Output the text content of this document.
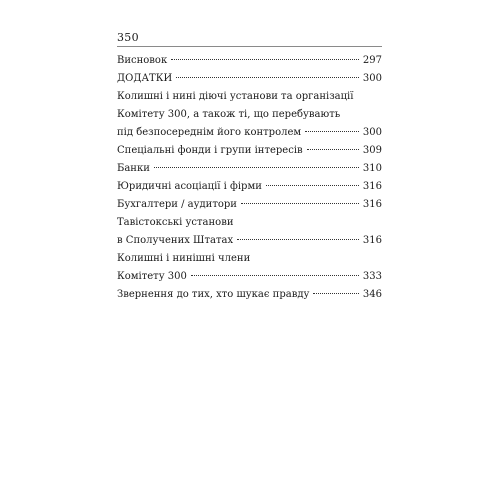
350
Висновок	297
ДОДАТКИ	300
Колишні і нині діючі установи та організації
Комітету 300, а також ті, що перебувають
під безпосереднім його контролем	300
Спеціальні фонди і групи інтересів	309
Банки	310
Юридичні асоціації і фірми	316
Бухгалтери / аудитори	316
Тавістокські установи
в Сполучених Штатах	316
Колишні і нинішні члени
Комітету 300	333
Звернення до тих, хто шукає правду	346
